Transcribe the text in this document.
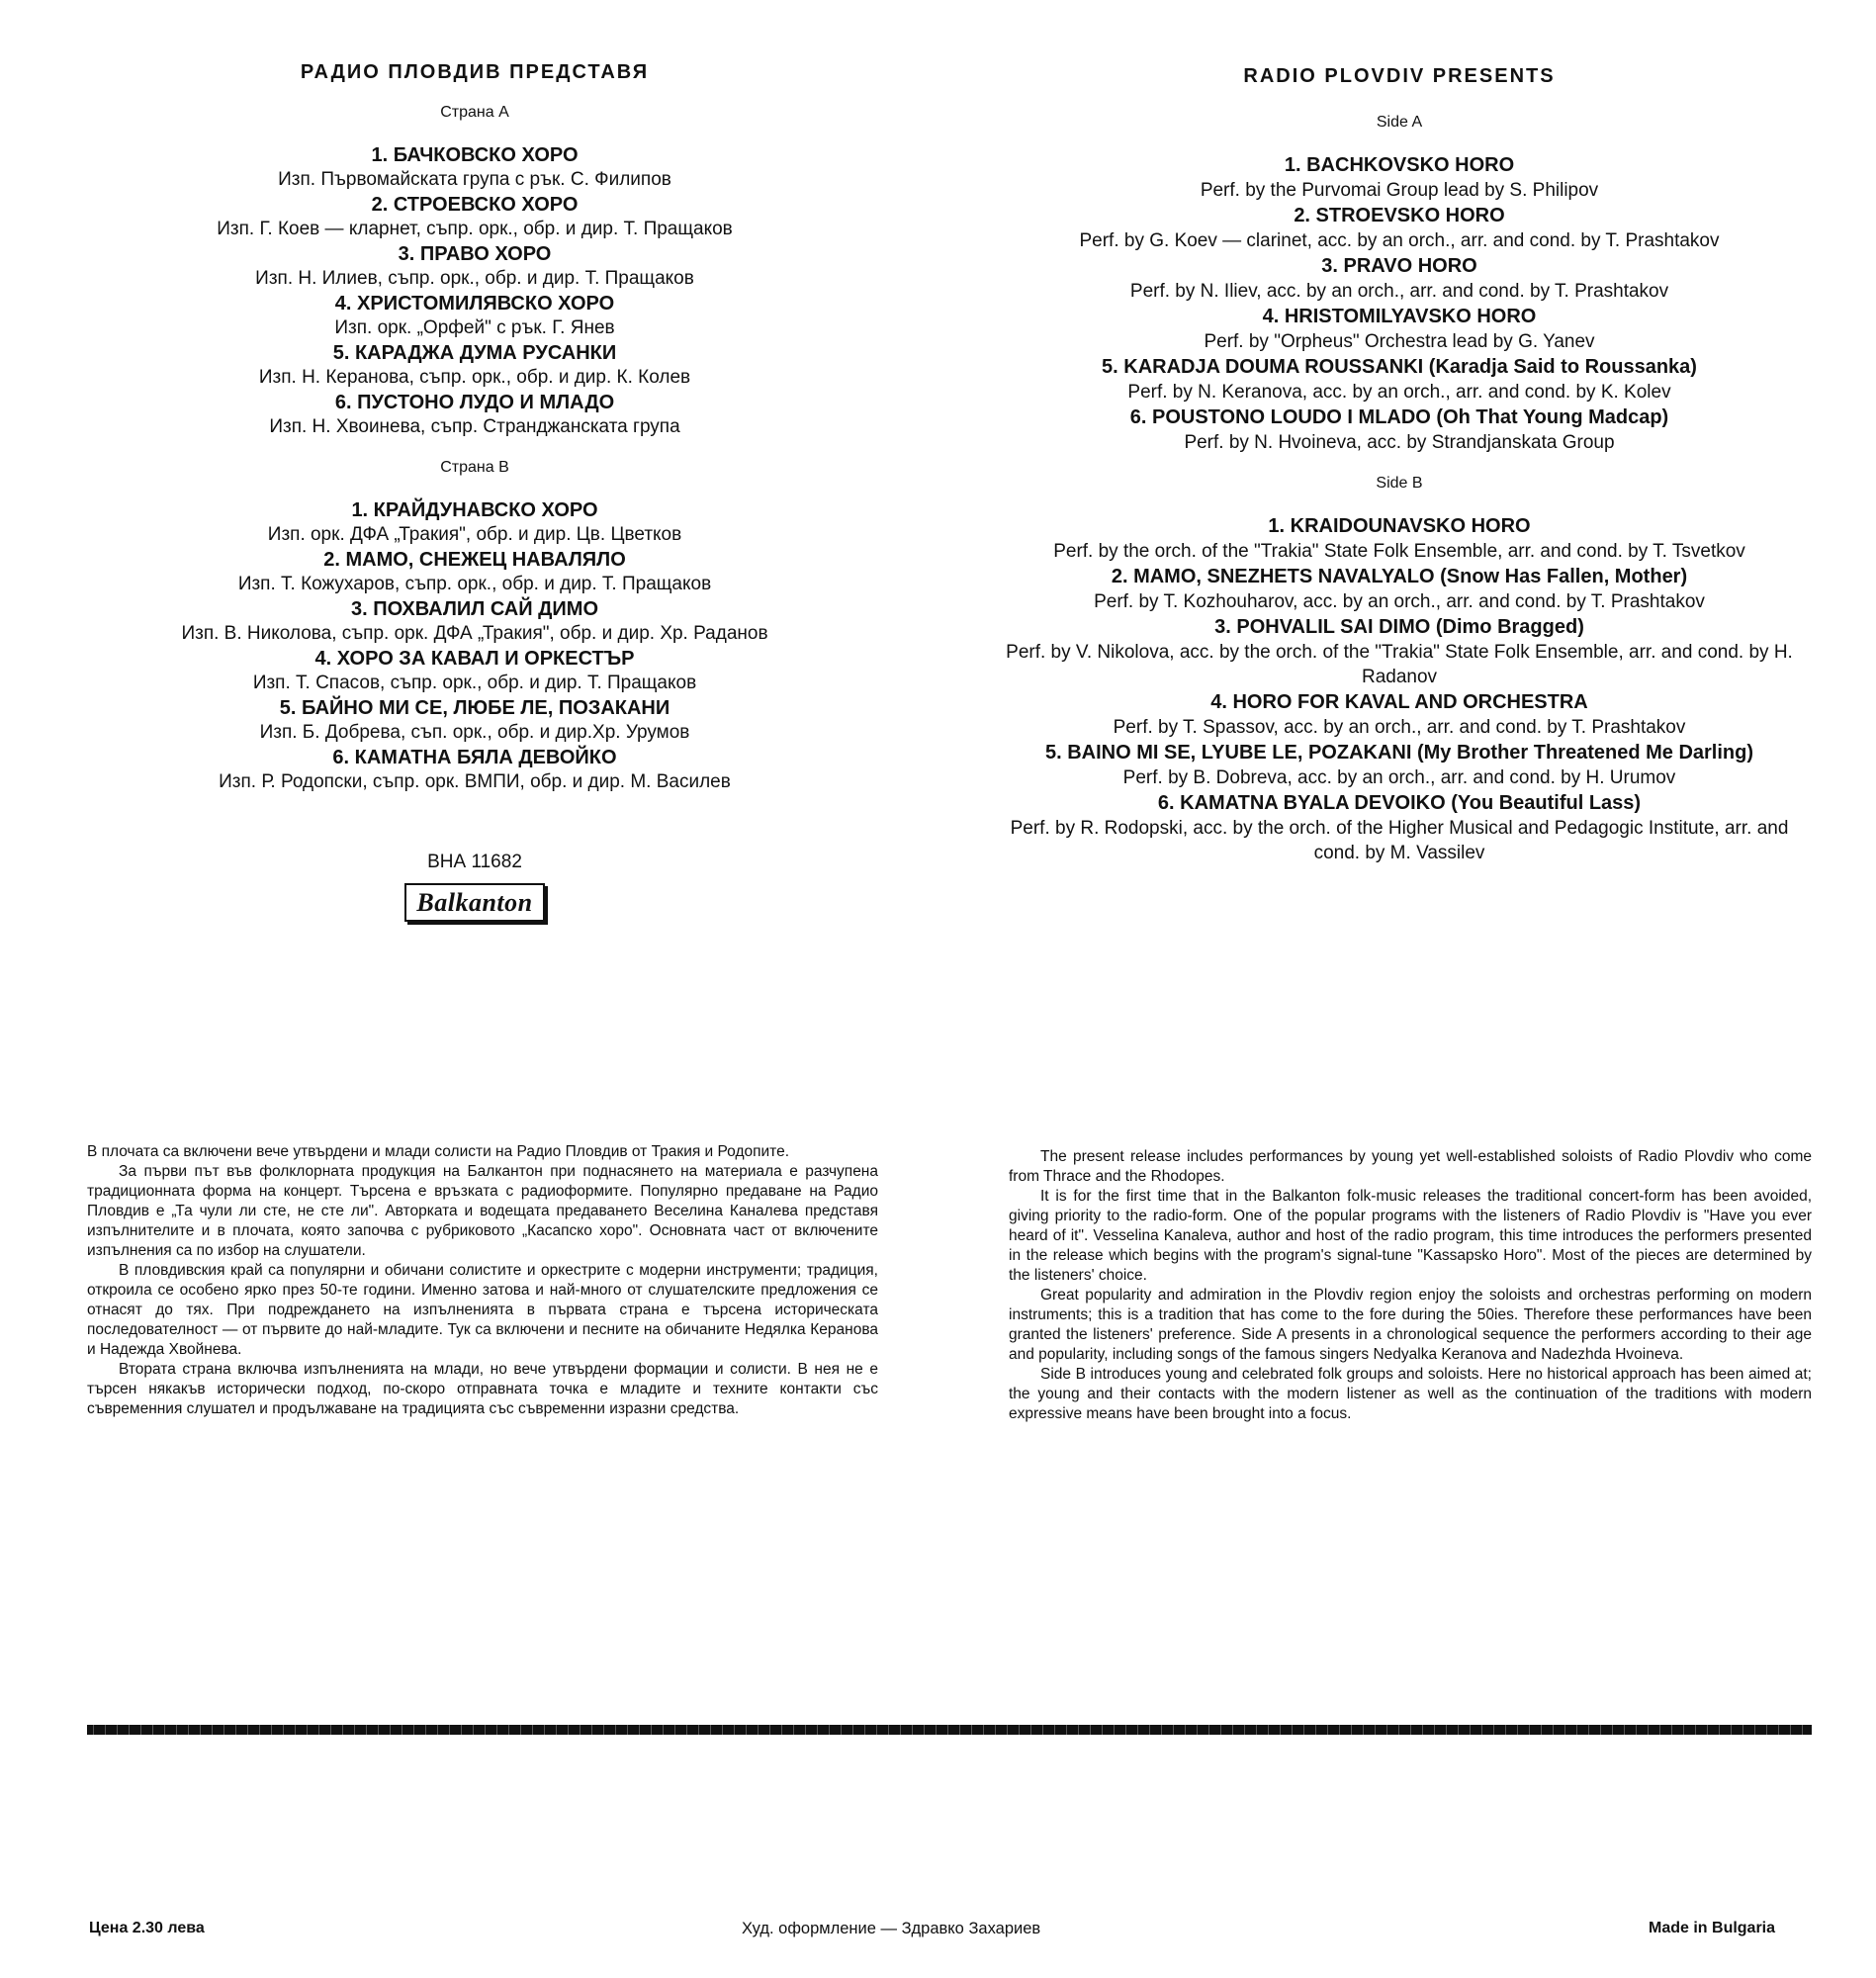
РАДИО ПЛОВДИВ ПРЕДСТАВЯ
Страна А
1. БАЧКОВСКО ХОРО
Изп. Първомайската група с рък. С. Филипов
2. СТРОЕВСКО ХОРО
Изп. Г. Коев — кларнет, съпр. орк., обр. и дир. Т. Пращаков
3. ПРАВО ХОРО
Изп. Н. Илиев, съпр. орк., обр. и дир. Т. Пращаков
4. ХРИСТОМИЛЯВСКО ХОРО
Изп. орк. „Орфей" с рък. Г. Янев
5. КАРАДЖА ДУМА РУСАНКИ
Изп. Н. Керанова, съпр. орк., обр. и дир. К. Колев
6. ПУСТОНО ЛУДО И МЛАДО
Изп. Н. Хвоинева, съпр. Странджанската група
Страна В
1. КРАЙДУНАВСКО ХОРО
Изп. орк. ДФА „Тракия", обр. и дир. Цв. Цветков
2. МАМО, СНЕЖЕЦ НАВАЛЯЛО
Изп. Т. Кожухаров, съпр. орк., обр. и дир. Т. Пращаков
3. ПОХВАЛИЛ САЙ ДИМО
Изп. В. Николова, съпр. орк. ДФА „Тракия", обр. и дир. Хр. Раданов
4. ХОРО ЗА КАВАЛ И ОРКЕСТЪР
Изп. Т. Спасов, съпр. орк., обр. и дир. Т. Пращаков
5. БАЙНО МИ СЕ, ЛЮБЕ ЛЕ, ПОЗАКАНИ
Изп. Б. Добрева, съп. орк., обр. и дир.Хр. Урумов
6. КАМАТНА БЯЛА ДЕВОЙКО
Изп. Р. Родопски, съпр. орк. ВМПИ, обр. и дир. М. Василев
ВНА 11682
Balkanton
RADIO PLOVDIV PRESENTS
Side A
1. BACHKOVSKO HORO
Perf. by the Purvomai Group lead by S. Philipov
2. STROEVSKO HORO
Perf. by G. Koev — clarinet, acc. by an orch., arr. and cond. by T. Prashtakov
3. PRAVO HORO
Perf. by N. Iliev, acc. by an orch., arr. and cond. by T. Prashtakov
4. HRISTOMILYAVSKO HORO
Perf. by "Orpheus" Orchestra lead by G. Yanev
5. KARADJA DOUMA ROUSSANKI (Karadja Said to Roussanka)
Perf. by N. Keranova, acc. by an orch., arr. and cond. by K. Kolev
6. POUSTONO LOUDO I MLADO (Oh That Young Madcap)
Perf. by N. Hvoineva, acc. by Strandjanskata Group
Side B
1. KRAIDOUNAVSKO HORO
Perf. by the orch. of the "Trakia" State Folk Ensemble, arr. and cond. by T. Tsvetkov
2. MAMO, SNEZHETS NAVALYALO (Snow Has Fallen, Mother)
Perf. by T. Kozhouharov, acc. by an orch., arr. and cond. by T. Prashtakov
3. POHVALIL SAI DIMO (Dimo Bragged)
Perf. by V. Nikolova, acc. by the orch. of the "Trakia" State Folk Ensemble, arr. and cond. by H. Radanov
4. HORO FOR KAVAL AND ORCHESTRA
Perf. by T. Spassov, acc. by an orch., arr. and cond. by T. Prashtakov
5. BAINO MI SE, LYUBE LE, POZAKANI (My Brother Threatened Me Darling)
Perf. by B. Dobreva, acc. by an orch., arr. and cond. by H. Urumov
6. KAMATNA BYALA DEVOIKO (You Beautiful Lass)
Perf. by R. Rodopski, acc. by the orch. of the Higher Musical and Pedagogic Institute, arr. and cond. by M. Vassilev

В плочата са включени вече утвърдени и млади солисти на Радио Пловдив от Тракия и Родопите.

За първи път във фолклорната продукция на Балкантон при поднасянето на материала е разчупена традиционната форма на концерт. Търсена е връзката с радиоформите. Популярно предаване на Радио Пловдив е „Та чули ли сте, не сте ли". Авторката и водещата предаването Веселина Каналева представя изпълнителите и в плочата, която започва с рубриковото „Касапско хоро". Основната част от включените изпълнения са по избор на слушатели.

В пловдивския край са популярни и обичани солистите и оркестрите с модерни инструменти; традиция, откроила се особено ярко през 50-те години. Именно затова и най-много от слушателските предложения се отнасят до тях. При подреждането на изпълненията в първата страна е търсена историческата последователност — от първите до най-младите. Тук са включени и песните на обичаните Недялка Керанова и Надежда Хвойнева.

Втората страна включва изпълненията на млади, но вече утвърдени формации и солисти. В нея не е търсен някакъв исторически подход, по-скоро отправната точка е младите и техните контакти със съвременния слушател и продължаване на традицията със съвременни изразни средства.

The present release includes performances by young yet well-established soloists of Radio Plovdiv who come from Thrace and the Rhodopes.

It is for the first time that in the Balkanton folk-music releases the traditional concert-form has been avoided, giving priority to the radio-form. One of the popular programs with the listeners of Radio Plovdiv is "Have you ever heard of it". Vesselina Kanaleva, author and host of the radio program, this time introduces the performers presented in the release which begins with the program's signal-tune "Kassapsko Horo". Most of the pieces are determined by the listeners' choice.

Great popularity and admiration in the Plovdiv region enjoy the soloists and orchestras performing on modern instruments; this is a tradition that has come to the fore during the 50ies. Therefore these performances have been granted the listeners' preference. Side A presents in a chronological sequence the performers according to their age and popularity, including songs of the famous singers Nedyalka Keranova and Nadezhda Hvoineva.

Side B introduces young and celebrated folk groups and soloists. Here no historical approach has been aimed at; the young and their contacts with the modern listener as well as the continuation of the traditions with modern expressive means have been brought into a focus.

Цена 2.30 лева	Худ. оформление — Здравко Захариев	Made in Bulgaria
